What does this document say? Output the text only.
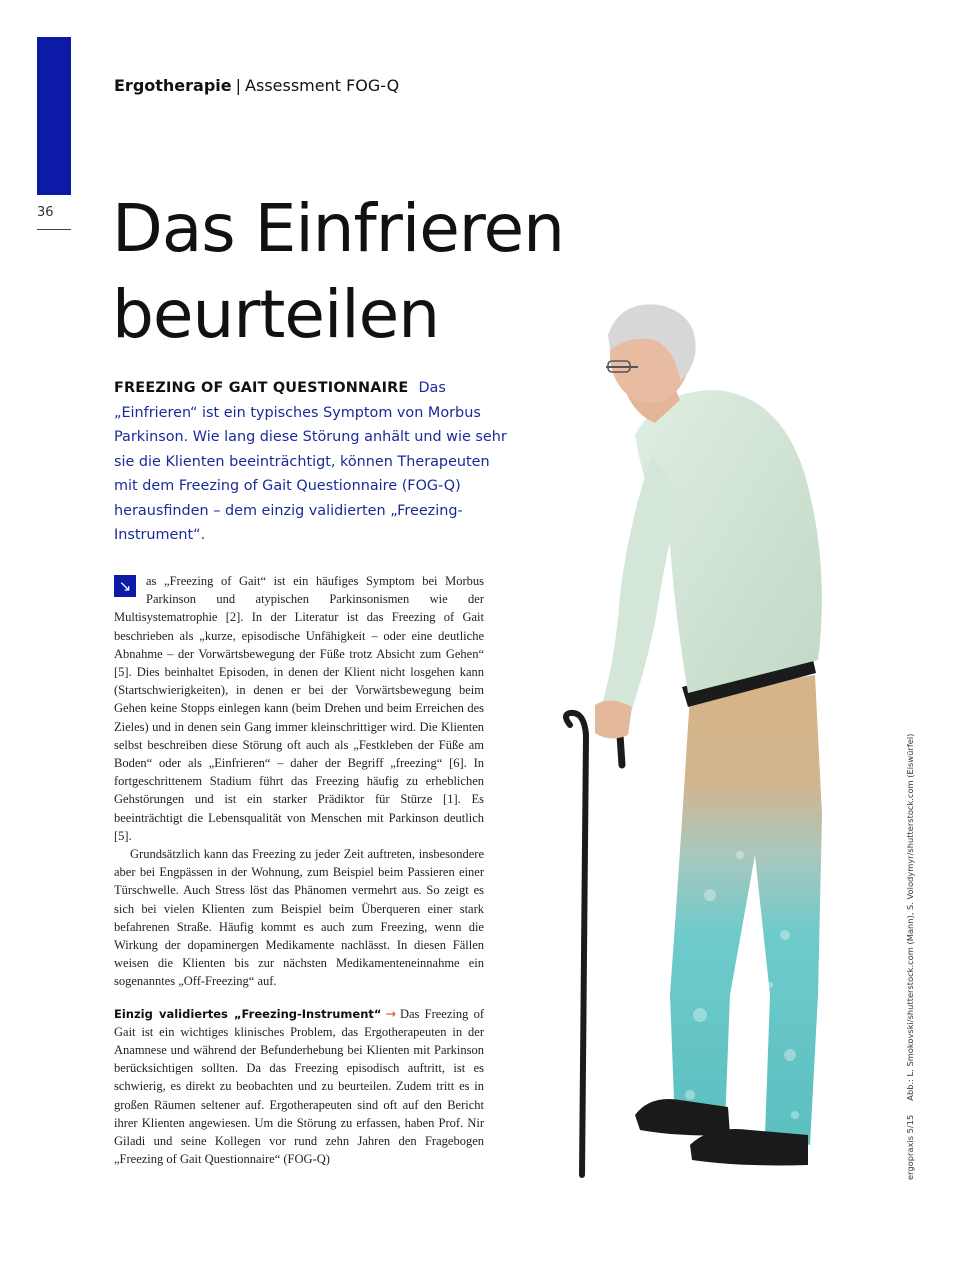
36
Ergotherapie | Assessment FOG-Q
Das Einfrieren
beurteilen
FREEZING OF GAIT QUESTIONNAIRE Das „Einfrieren“ ist ein typisches Symptom von Morbus Parkinson. Wie lang diese Störung anhält und wie sehr sie die Klienten beeinträchtigt, können Therapeuten mit dem Freezing of Gait Questionnaire (FOG-Q) herausfinden – dem einzig validierten „Freezing-Instrument“.

↘	as „Freezing of Gait“ ist ein häufiges Symptom bei Morbus Parkinson und atypischen Parkinsonismen wie der Multisystematrophie [2]. In der Literatur ist das Freezing of Gait beschrieben als „kurze, episodische Unfähigkeit – oder eine deutliche Abnahme – der Vorwärtsbewegung der Füße trotz Absicht zum Gehen“ [5]. Dies beinhaltet Episoden, in denen der Klient nicht losgehen kann (Startschwierigkeiten), in denen er bei der Vorwärtsbewegung beim Gehen keine Stopps einlegen kann (beim Drehen und beim Erreichen des Zieles) und in denen sein Gang immer kleinschrittiger wird. Die Klienten selbst beschreiben diese Störung oft auch als „Festkleben der Füße am Boden“ oder als „Einfrieren“ – daher der Begriff „freezing“ [6]. In fortgeschrittenem Stadium führt das Freezing häufig zu erheblichen Gehstörungen und ist ein starker Prädiktor für Stürze [1]. Es beeinträchtigt die Lebensqualität von Menschen mit Parkinson deutlich [5].

Grundsätzlich kann das Freezing zu jeder Zeit auftreten, insbesondere aber bei Engpässen in der Wohnung, zum Beispiel beim Passieren einer Türschwelle. Auch Stress löst das Phänomen vermehrt aus. So zeigt es sich bei vielen Klienten zum Beispiel beim Überqueren einer stark befahrenen Straße. Häufig kommt es auch zum Freezing, wenn die Wirkung der dopaminergen Medikamente nachlässt. In diesen Fällen weisen die Klienten bis zur nächsten Medikamenteneinnahme ein sogenanntes „Off-Freezing“ auf.

Einzig validiertes „Freezing-Instrument“ → Das Freezing of Gait ist ein wichtiges klinisches Problem, das Ergotherapeuten in der Anamnese und während der Befunderhebung bei Klienten mit Parkinson berücksichtigen sollten. Da das Freezing episodisch auftritt, ist es schwierig, es direkt zu beobachten und zu beurteilen. Zudem tritt es in großen Räumen seltener auf. Ergotherapeuten sind oft auf den Bericht ihrer Klienten angewiesen. Um die Störung zu erfassen, haben Prof. Nir Giladi und seine Kollegen vor rund zehn Jahren den Fragebogen „Freezing of Gait Questionnaire“ (FOG-Q)	ergopraxis 5/15Abb.: L. Smokovski/shutterstock.com (Mann), S. Volodymyr/shutterstock.com (Eiswürfel)
